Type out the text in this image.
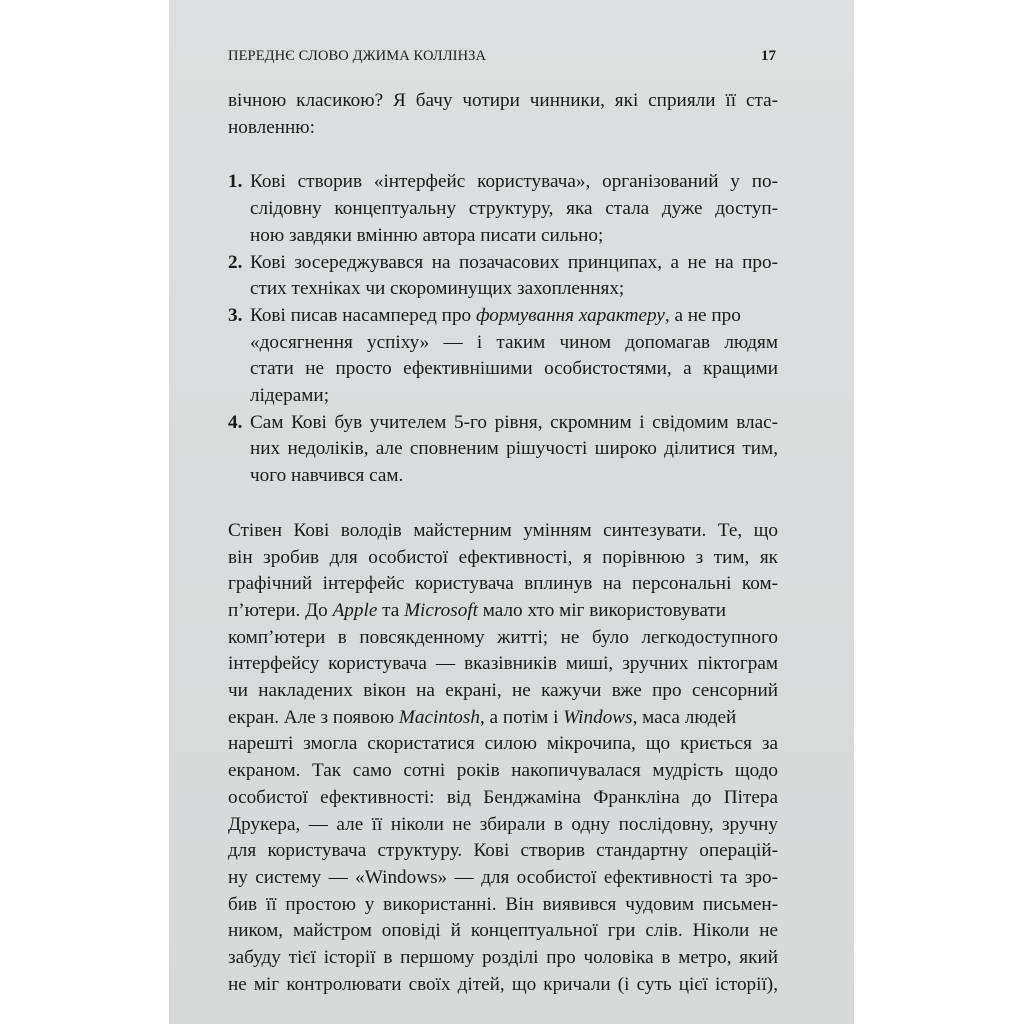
ПЕРЕДНЄ СЛОВО ДЖИМА КОЛЛІНЗА	17
вічною класикою? Я бачу чотири чинники, які сприяли її ста-
новленню:
1. Кові створив «інтерфейс користувача», організований у по-
слідовну концептуальну структуру, яка стала дуже доступ-
ною завдяки вмінню автора писати сильно;
2. Кові зосереджувався на позачасових принципах, а не на про-
стих техніках чи скороминущих захопленнях;
3. Кові писав насамперед про
формування характеру , а не про
«досягнення успіху» — і таким чином допомагав людям
стати не просто ефективнішими особистостями, а кращими
лідерами;
4. Сам Кові був учителем 5-го рівня, скромним і свідомим влас-
них недоліків, але сповненим рішучості широко ділитися тим,
чого навчився сам.
Стівен Кові володів майстерним умінням синтезувати. Те, що
він зробив для особистої ефективності, я порівнюю з тим, як
графічний інтерфейс користувача вплинув на персональні ком-
п’ютери. До
Apple та Microsoft мало хто міг використовувати
комп’ютери в повсякденному житті; не було легкодоступного
інтерфейсу користувача — вказівників миші, зручних піктограм
чи накладених вікон на екрані, не кажучи вже про сенсорний
екран. Але з появою Macintosh , а потім і Windows , маса людей
нарешті змогла скористатися силою мікрочипа, що криється за
екраном. Так само сотні років накопичувалася мудрість щодо
особистої ефективності: від Бенджаміна Франкліна до Пітера
Друкера, — але її ніколи не збирали в одну послідовну, зручну
для користувача структуру. Кові створив стандартну операцій-
ну систему — «Windows» — для особистої ефективності та зро-
бив її простою у використанні. Він виявився чудовим письмен-
ником, майстром оповіді й концептуальної гри слів. Ніколи не
забуду тієї історії в першому розділі про чоловіка в метро, який
не міг контролювати своїх дітей, що кричали (і суть цієї історії),
